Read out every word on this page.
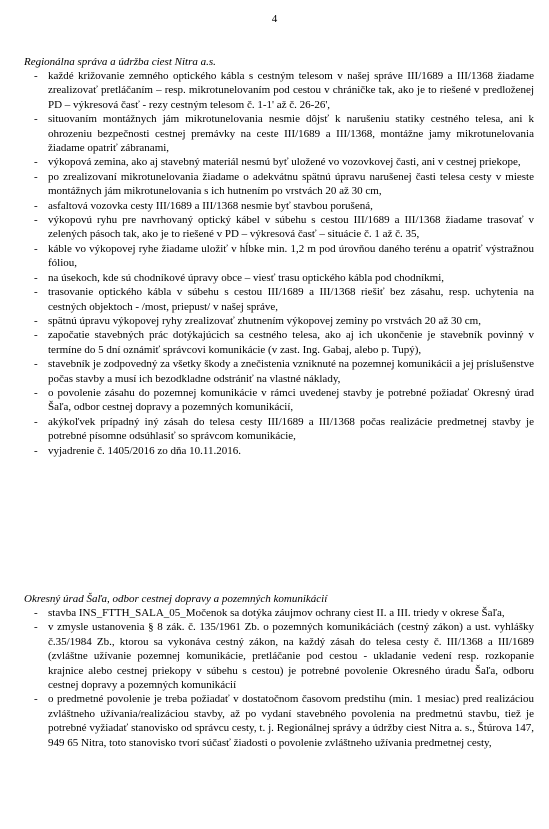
4

Regionálna správa a údržba ciest Nitra a.s.

- každé križovanie zemného optického kábla s cestným telesom v našej správe III/1689 a III/1368 žiadame zrealizovať pretláčaním – resp. mikrotunelovaním pod cestou v chráničke tak, ako je to riešené v predloženej PD – výkresová časť - rezy cestným telesom č. 1-1' až č. 26-26',
- situovaním montážnych jám mikrotunelovania nesmie dôjsť k narušeniu statiky cestného telesa, ani k ohrozeniu bezpečnosti cestnej premávky na ceste III/1689 a III/1368, montážne jamy mikrotunelovania žiadame opatriť zábranami,
- výkopová zemina, ako aj stavebný materiál nesmú byť uložené vo vozovkovej časti, ani v cestnej priekope,
- po zrealizovaní mikrotunelovania žiadame o adekvátnu spätnú úpravu narušenej časti telesa cesty v mieste montážnych jám mikrotunelovania s ich hutnením po vrstvách 20 až 30 cm,
- asfaltová vozovka cesty III/1689 a III/1368 nesmie byť stavbou porušená,
- výkopovú ryhu pre navrhovaný optický kábel v súbehu s cestou III/1689 a III/1368 žiadame trasovať v zelených pásoch tak, ako je to riešené v PD – výkresová časť – situácie č. 1 až č. 35,
- káble vo výkopovej ryhe žiadame uložiť v hĺbke min. 1,2 m pod úrovňou daného terénu a opatriť výstražnou fóliou,
- na úsekoch, kde sú chodníkové úpravy obce – viesť trasu optického kábla pod chodníkmi,
- trasovanie optického kábla v súbehu s cestou III/1689 a III/1368 riešiť bez zásahu, resp. uchytenia na cestných objektoch - /most, priepust/ v našej správe,
- spätnú úpravu výkopovej ryhy zrealizovať zhutnením výkopovej zeminy po vrstvách 20 až 30 cm,
- započatie stavebných prác dotýkajúcich sa cestného telesa, ako aj ich ukončenie je stavebník povinný v termíne do 5 dní oznámiť správcovi komunikácie (v zast. Ing. Gabaj, alebo p. Tupý),
- stavebník je zodpovedný za všetky škody a znečistenia vzniknuté na pozemnej komunikácii a jej príslušenstve počas stavby a musí ich bezodkladne odstrániť na vlastné náklady,
- o povolenie zásahu do pozemnej komunikácie v rámci uvedenej stavby je potrebné požiadať Okresný úrad Šaľa, odbor cestnej dopravy a pozemných komunikácií,
- akýkoľvek prípadný iný zásah do telesa cesty III/1689 a III/1368 počas realizácie predmetnej stavby je potrebné písomne odsúhlasiť so správcom komunikácie,
- vyjadrenie č. 1405/2016 zo dňa 10.11.2016.

Okresný úrad Šaľa, odbor cestnej dopravy a pozemných komunikácií

- stavba INS_FTTH_SALA_05_Močenok sa dotýka záujmov ochrany ciest II. a III. triedy v okrese Šaľa,
- v zmysle ustanovenia § 8 zák. č. 135/1961 Zb. o pozemných komunikáciách (cestný zákon) a ust. vyhlášky č.35/1984 Zb., ktorou sa vykonáva cestný zákon, na každý zásah do telesa cesty č. III/1368 a III/1689 (zvláštne užívanie pozemnej komunikácie, pretláčanie pod cestou - ukladanie vedení resp. rozkopanie krajnice alebo cestnej priekopy v súbehu s cestou) je potrebné povolenie Okresného úradu Šaľa, odboru cestnej dopravy a pozemných komunikácií
- o predmetné povolenie je treba požiadať v dostatočnom časovom predstihu (min. 1 mesiac) pred realizáciou zvláštneho užívania/realizáciou stavby, až po vydaní stavebného povolenia na predmetnú stavbu, tiež je potrebné vyžiadať stanovisko od správcu cesty, t. j. Regionálnej správy a údržby ciest Nitra a. s., Štúrova 147, 949 65 Nitra, toto stanovisko tvorí súčasť žiadosti o povolenie zvláštneho užívania predmetnej cesty,
